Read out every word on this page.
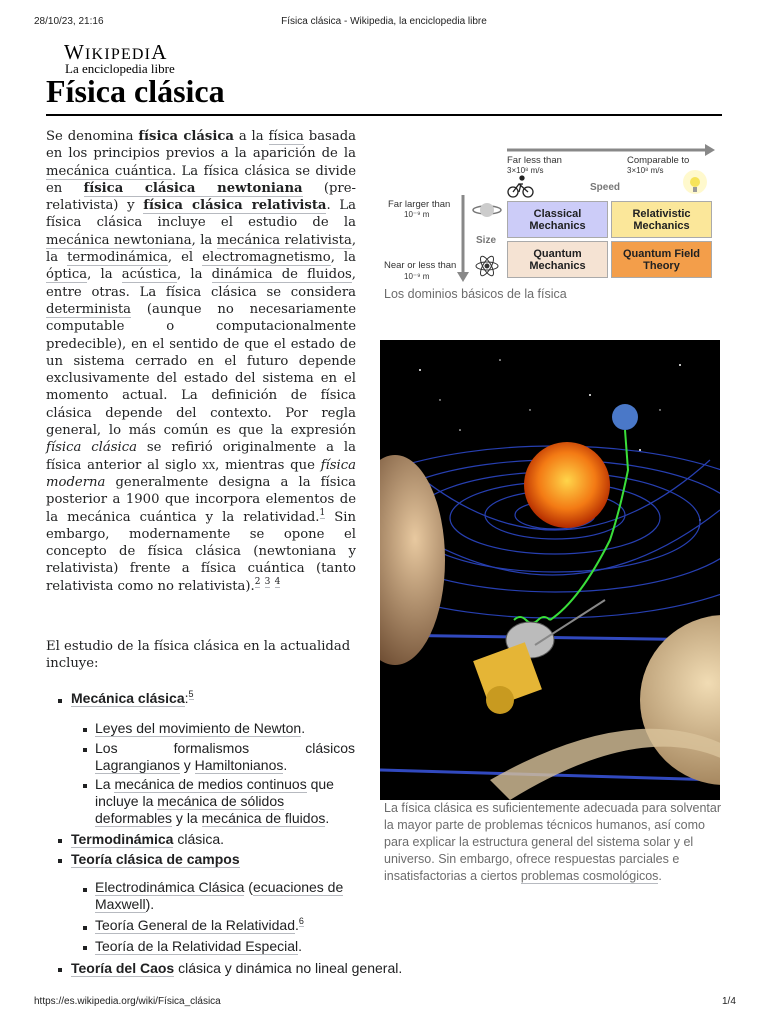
28/10/23, 21:16	Física clásica - Wikipedia, la enciclopedia libre
WIKIPEDIA
La enciclopedia libre
Física clásica

Se denomina física clásica a la física basada en los principios previos a la aparición de la mecánica cuántica. La física clásica se divide en física clásica newtoniana (pre-relativista) y física clásica relativista. La física clásica incluye el estudio de la mecánica newtoniana, la mecánica relativista, la termodinámica, el electromagnetismo, la óptica, la acústica, la dinámica de fluidos, entre otras. La física clásica se considera determinista (aunque no necesariamente computable o computacionalmente predecible), en el sentido de que el estado de un sistema cerrado en el futuro depende exclusivamente del estado del sistema en el momento actual. La definición de física clásica depende del contexto. Por regla general, lo más común es que la expresión física clásica se refirió originalmente a la física anterior al siglo xx, mientras que física moderna generalmente designa a la física posterior a 1900 que incorpora elementos de la mecánica cuántica y la relatividad.$^1$ Sin embargo, modernamente se opone el concepto de física clásica (newtoniana y relativista) frente a física cuántica (tanto relativista como no relativista).$^2$ $^3$ $^4$

El estudio de la física clásica en la actualidad incluye:
Mecánica clásica:$^5$
Leyes del movimiento de Newton.
Los	formalismos	clásicos
Lagrangianos y Hamiltonianos.
La mecánica de medios continuos que incluye la mecánica de sólidos deformables y la mecánica de fluidos.
Termodinámica clásica.
Teoría clásica de campos
Electrodinámica Clásica (ecuaciones de Maxwell).
Teoría General de la Relatividad.$^6$
Teoría de la Relatividad Especial.
Teoría del Caos clásica y dinámica no lineal general.
Far less than
3×10⁸ m/s
Comparable to
3×10⁸ m/s
Speed
Far larger than
10⁻⁹ m
Size
Near or less than
10⁻⁹ m
Classical Mechanics
Relativistic Mechanics
Quantum Mechanics
Quantum Field Theory
Los dominios básicos de la física
La física clásica es suficientemente adecuada para solventar la mayor parte de problemas técnicos humanos, así como para explicar la estructura general del sistema solar y el universo. Sin embargo, ofrece respuestas parciales e insatisfactorias a ciertos problemas cosmológicos.
https://es.wikipedia.org/wiki/Física_clásica	1/4
